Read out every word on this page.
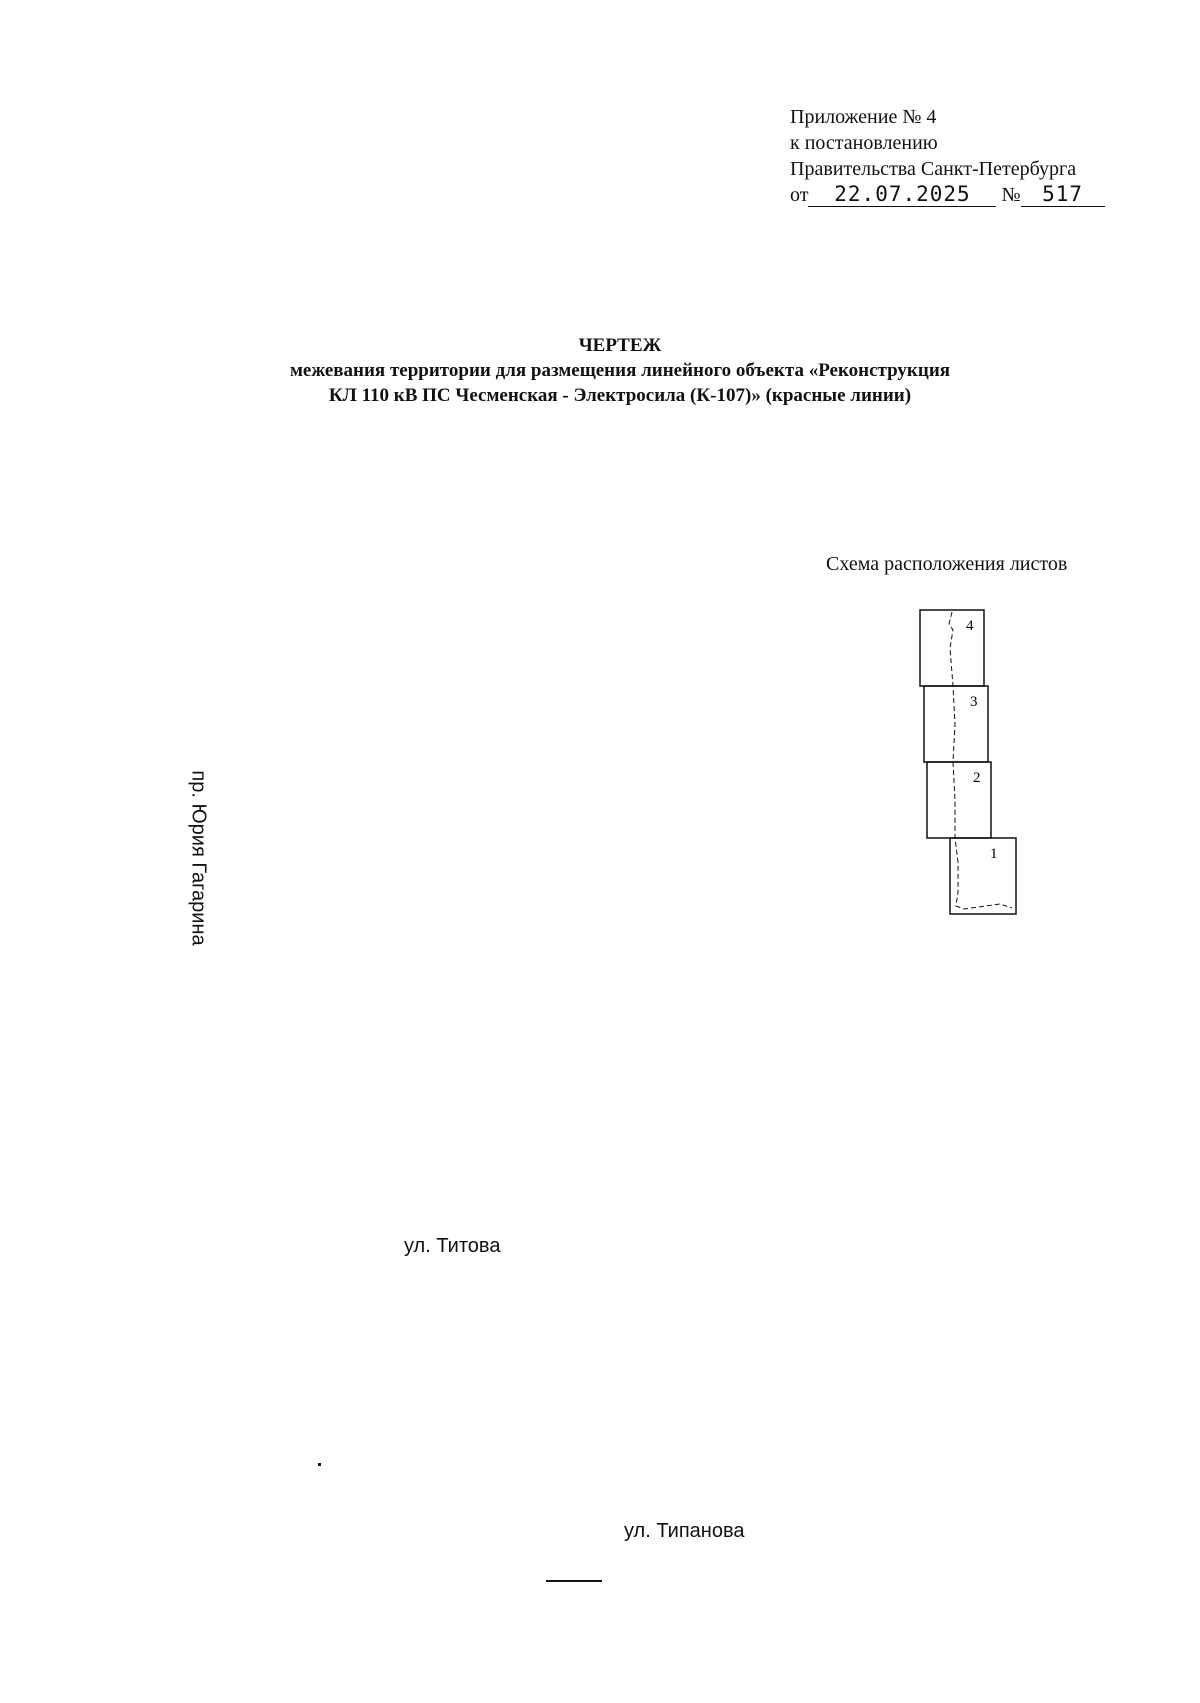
Приложение № 4
к постановлению
Правительства Санкт-Петербурга
от 22.07.2025 № 517
ЧЕРТЕЖ
межевания территории для размещения линейного объекта «Реконструкция
КЛ 110 кВ ПС Чесменская - Электросила (К-107)» (красные линии)
Схема расположения листов
4
3
2
1
пр. Юрия Гагарина
ул. Титова
ул. Типанова
